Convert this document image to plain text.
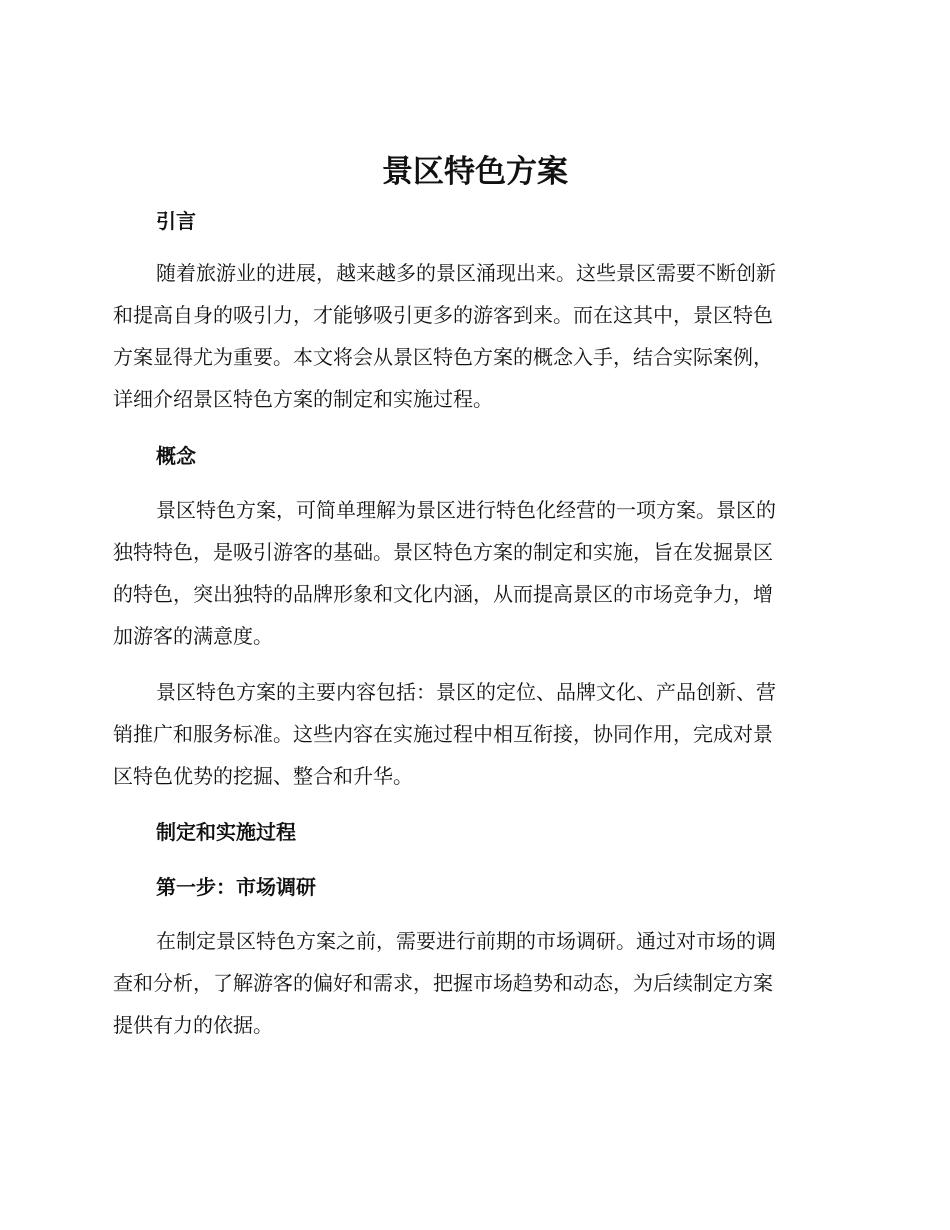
景区特色方案
引言
随着旅游业的进展，越来越多的景区涌现出来。这些景区需要不断创新
和提高自身的吸引力，才能够吸引更多的游客到来。而在这其中，景区特色
方案显得尤为重要。本文将会从景区特色方案的概念入手，结合实际案例，
详细介绍景区特色方案的制定和实施过程。
概念
景区特色方案，可简单理解为景区进行特色化经营的一项方案。景区的
独特特色，是吸引游客的基础。景区特色方案的制定和实施，旨在发掘景区
的特色，突出独特的品牌形象和文化内涵，从而提高景区的市场竞争力，增
加游客的满意度。
景区特色方案的主要内容包括：景区的定位、品牌文化、产品创新、营
销推广和服务标准。这些内容在实施过程中相互衔接，协同作用，完成对景
区特色优势的挖掘、整合和升华。
制定和实施过程
第一步：市场调研
在制定景区特色方案之前，需要进行前期的市场调研。通过对市场的调
查和分析，了解游客的偏好和需求，把握市场趋势和动态，为后续制定方案
提供有力的依据。
